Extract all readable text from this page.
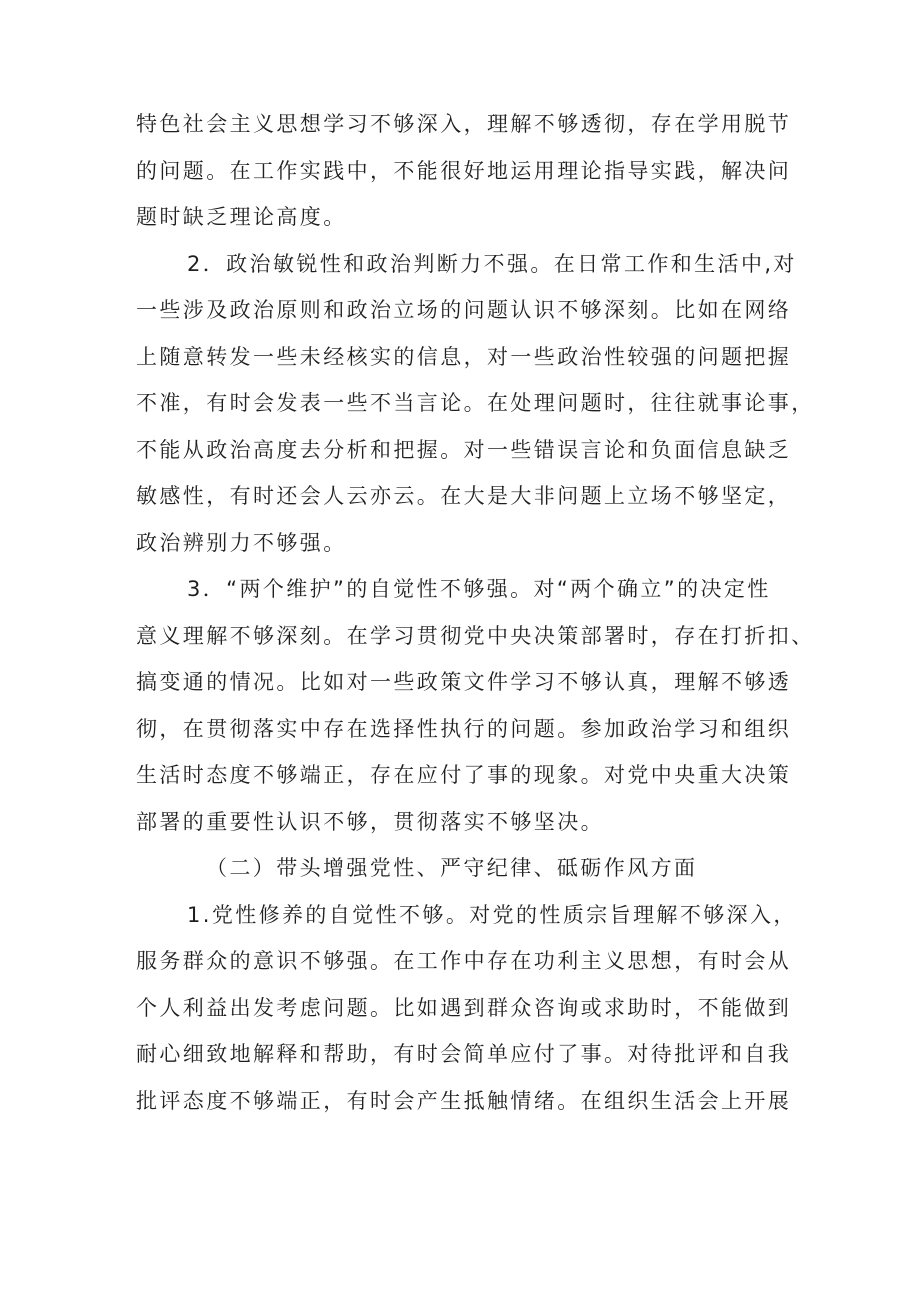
特色社会主义思想学习不够深入，理解不够透彻，存在学用脱节
的问题。在工作实践中，不能很好地运用理论指导实践，解决问
题时缺乏理论高度。
2．政治敏锐性和政治判断力不强。在日常工作和生活中,对
一些涉及政治原则和政治立场的问题认识不够深刻。比如在网络
上随意转发一些未经核实的信息，对一些政治性较强的问题把握
不准，有时会发表一些不当言论。在处理问题时，往往就事论事，
不能从政治高度去分析和把握。对一些错误言论和负面信息缺乏
敏感性，有时还会人云亦云。在大是大非问题上立场不够坚定，
政治辨别力不够强。
3．“两个维护”的自觉性不够强。对“两个确立”的决定性
意义理解不够深刻。在学习贯彻党中央决策部署时，存在打折扣、
搞变通的情况。比如对一些政策文件学习不够认真，理解不够透
彻，在贯彻落实中存在选择性执行的问题。参加政治学习和组织
生活时态度不够端正，存在应付了事的现象。对党中央重大决策
部署的重要性认识不够，贯彻落实不够坚决。
（二）带头增强党性、严守纪律、砥砺作风方面
1.党性修养的自觉性不够。对党的性质宗旨理解不够深入，
服务群众的意识不够强。在工作中存在功利主义思想，有时会从
个人利益出发考虑问题。比如遇到群众咨询或求助时，不能做到
耐心细致地解释和帮助，有时会简单应付了事。对待批评和自我
批评态度不够端正，有时会产生抵触情绪。在组织生活会上开展
